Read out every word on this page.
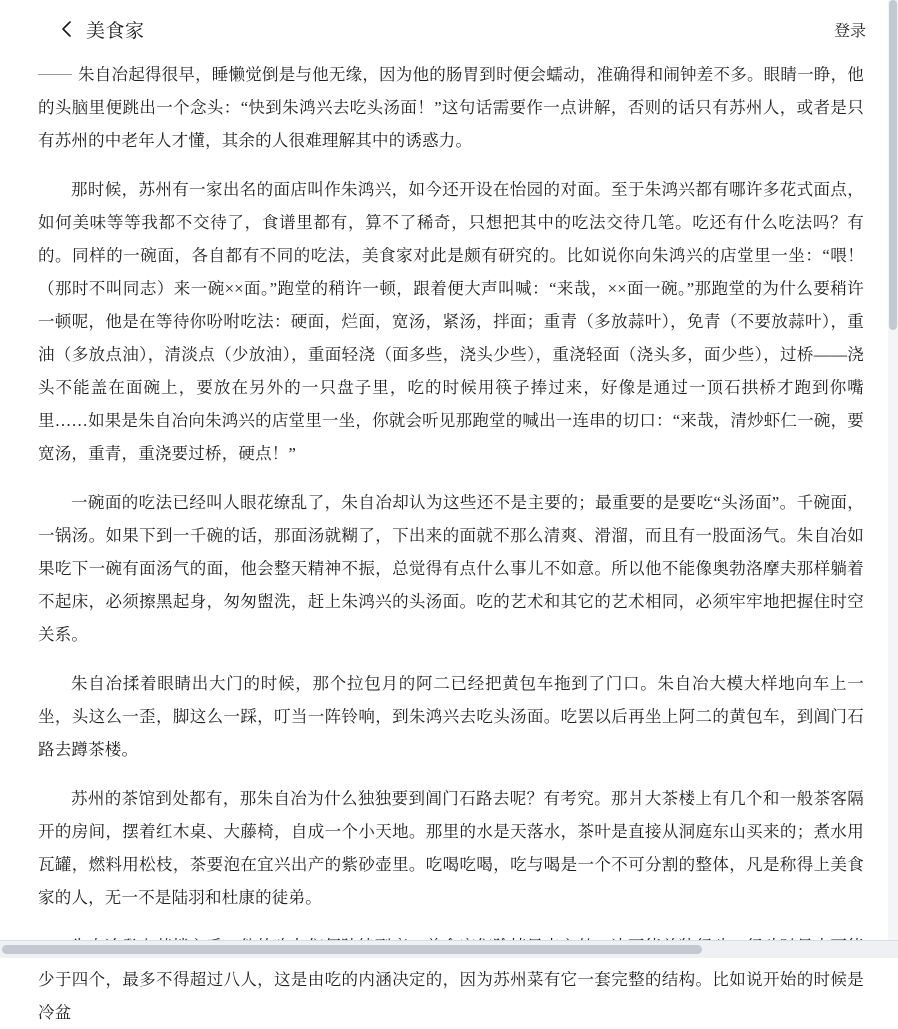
美食家	登录

朱自冶起得很早，睡懒觉倒是与他无缘，因为他的肠胃到时便会蠕动，准确得和闹钟差不多。眼睛一睁，他的头脑里便跳出一个念头：“快到朱鸿兴去吃头汤面！”这句话需要作一点讲解，否则的话只有苏州人，或者是只有苏州的中老年人才懂，其余的人很难理解其中的诱惑力。

那时候，苏州有一家出名的面店叫作朱鸿兴，如今还开设在怡园的对面。至于朱鸿兴都有哪许多花式面点，如何美味等等我都不交待了，食谱里都有，算不了稀奇，只想把其中的吃法交待几笔。吃还有什么吃法吗？有的。同样的一碗面，各自都有不同的吃法，美食家对此是颇有研究的。比如说你向朱鸿兴的店堂里一坐：“喂！（那时不叫同志）来一碗××面。”跑堂的稍许一顿，跟着便大声叫喊：“来哉，××面一碗。”那跑堂的为什么要稍许一顿呢，他是在等待你吩咐吃法：硬面，烂面，宽汤，紧汤，拌面；重青（多放蒜叶），免青（不要放蒜叶），重油（多放点油），清淡点（少放油），重面轻浇（面多些，浇头少些），重浇轻面（浇头多，面少些），过桥——浇头不能盖在面碗上，要放在另外的一只盘子里，吃的时候用筷子捧过来，好像是通过一顶石拱桥才跑到你嘴里……如果是朱自冶向朱鸿兴的店堂里一坐，你就会听见那跑堂的喊出一连串的切口：“来哉，清炒虾仁一碗，要宽汤，重青，重浇要过桥，硬点！”

一碗面的吃法已经叫人眼花缭乱了，朱自冶却认为这些还不是主要的；最重要的是要吃“头汤面”。千碗面，一锅汤。如果下到一千碗的话，那面汤就糊了，下出来的面就不那么清爽、滑溜，而且有一股面汤气。朱自冶如果吃下一碗有面汤气的面，他会整天精神不振，总觉得有点什么事儿不如意。所以他不能像奥勃洛摩夫那样躺着不起床，必须擦黑起身，匆匆盥洗，赶上朱鸿兴的头汤面。吃的艺术和其它的艺术相同，必须牢牢地把握住时空关系。

朱自冶揉着眼睛出大门的时候，那个拉包月的阿二已经把黄包车拖到了门口。朱自冶大模大样地向车上一坐，头这么一歪，脚这么一踩，叮当一阵铃响，到朱鸿兴去吃头汤面。吃罢以后再坐上阿二的黄包车，到阊门石路去蹲茶楼。

苏州的茶馆到处都有，那朱自冶为什么独独要到阊门石路去呢？有考究。那爿大茶楼上有几个和一般茶客隔开的房间，摆着红木桌、大藤椅，自成一个小天地。那里的水是天落水，茶叶是直接从洞庭东山买来的；煮水用瓦罐，燃料用松枝，茶要泡在宜兴出产的紫砂壶里。吃喝吃喝，吃与喝是一个不可分割的整体，凡是称得上美食家的人，无一不是陆羽和杜康的徒弟。

少于四个，最多不得超过八人，这是由吃的内涵决定的，因为苏州菜有它一套完整的结构。比如说开始的时候是冷盆
